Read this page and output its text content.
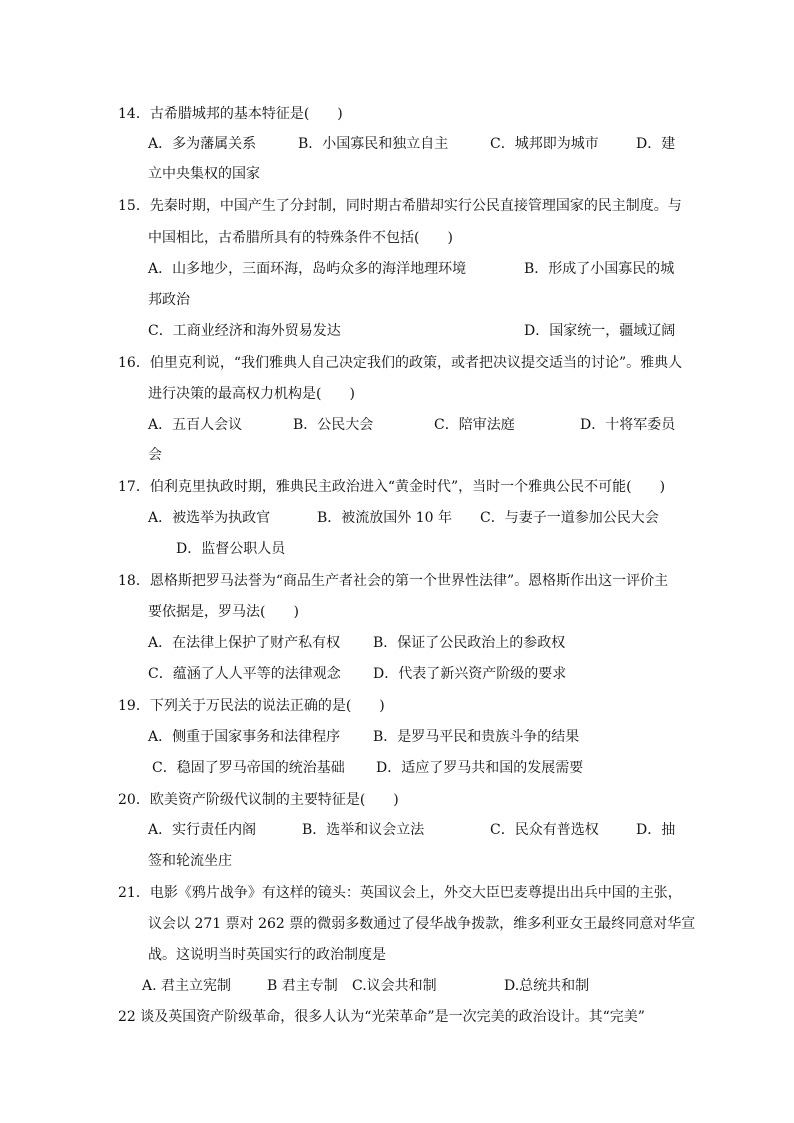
14．古希腊城邦的基本特征是(　　)
A．多为藩属关系	B．小国寡民和独立自主	C．城邦即为城市	D．建
立中央集权的国家
15．先秦时期，中国产生了分封制，同时期古希腊却实行公民直接管理国家的民主制度。与
中国相比，古希腊所具有的特殊条件不包括(　　)
A．山多地少，三面环海，岛屿众多的海洋地理环境	B．形成了小国寡民的城
邦政治
C．工商业经济和海外贸易发达	D．国家统一，疆域辽阔
16．伯里克利说，“我们雅典人自己决定我们的政策，或者把决议提交适当的讨论”。雅典人
进行决策的最高权力机构是(　　)
A．五百人会议	B．公民大会	C．陪审法庭	D．十将军委员
会
17．伯利克里执政时期，雅典民主政治进入“黄金时代”，当时一个雅典公民不可能(　　)
A．被选举为执政官	B．被流放国外 10 年 C．与妻子一道参加公民大会
D．监督公职人员
18．恩格斯把罗马法誉为“商品生产者社会的第一个世界性法律”。恩格斯作出这一评价主
要依据是，罗马法(　　)
A．在法律上保护了财产私有权 B．保证了公民政治上的参政权
C．蕴涵了人人平等的法律观念 D．代表了新兴资产阶级的要求
19．下列关于万民法的说法正确的是(　　)
A．侧重于国家事务和法律程序 B．是罗马平民和贵族斗争的结果
C．稳固了罗马帝国的统治基础 D．适应了罗马共和国的发展需要
20．欧美资产阶级代议制的主要特征是(　　)
A．实行责任内阁	B．选举和议会立法	C．民众有普选权	D．抽
签和轮流坐庄
21．电影《鸦片战争》有这样的镜头：英国议会上，外交大臣巴麦尊提出出兵中国的主张，
议会以 271 票对 262 票的微弱多数通过了侵华战争拨款，维多利亚女王最终同意对华宣
战。这说明当时英国实行的政治制度是
A. 君主立宪制	B 君主专制 C.议会共和制	D.总统共和制
22 谈及英国资产阶级革命，很多人认为“光荣革命”是一次完美的政治设计。其“完美”
